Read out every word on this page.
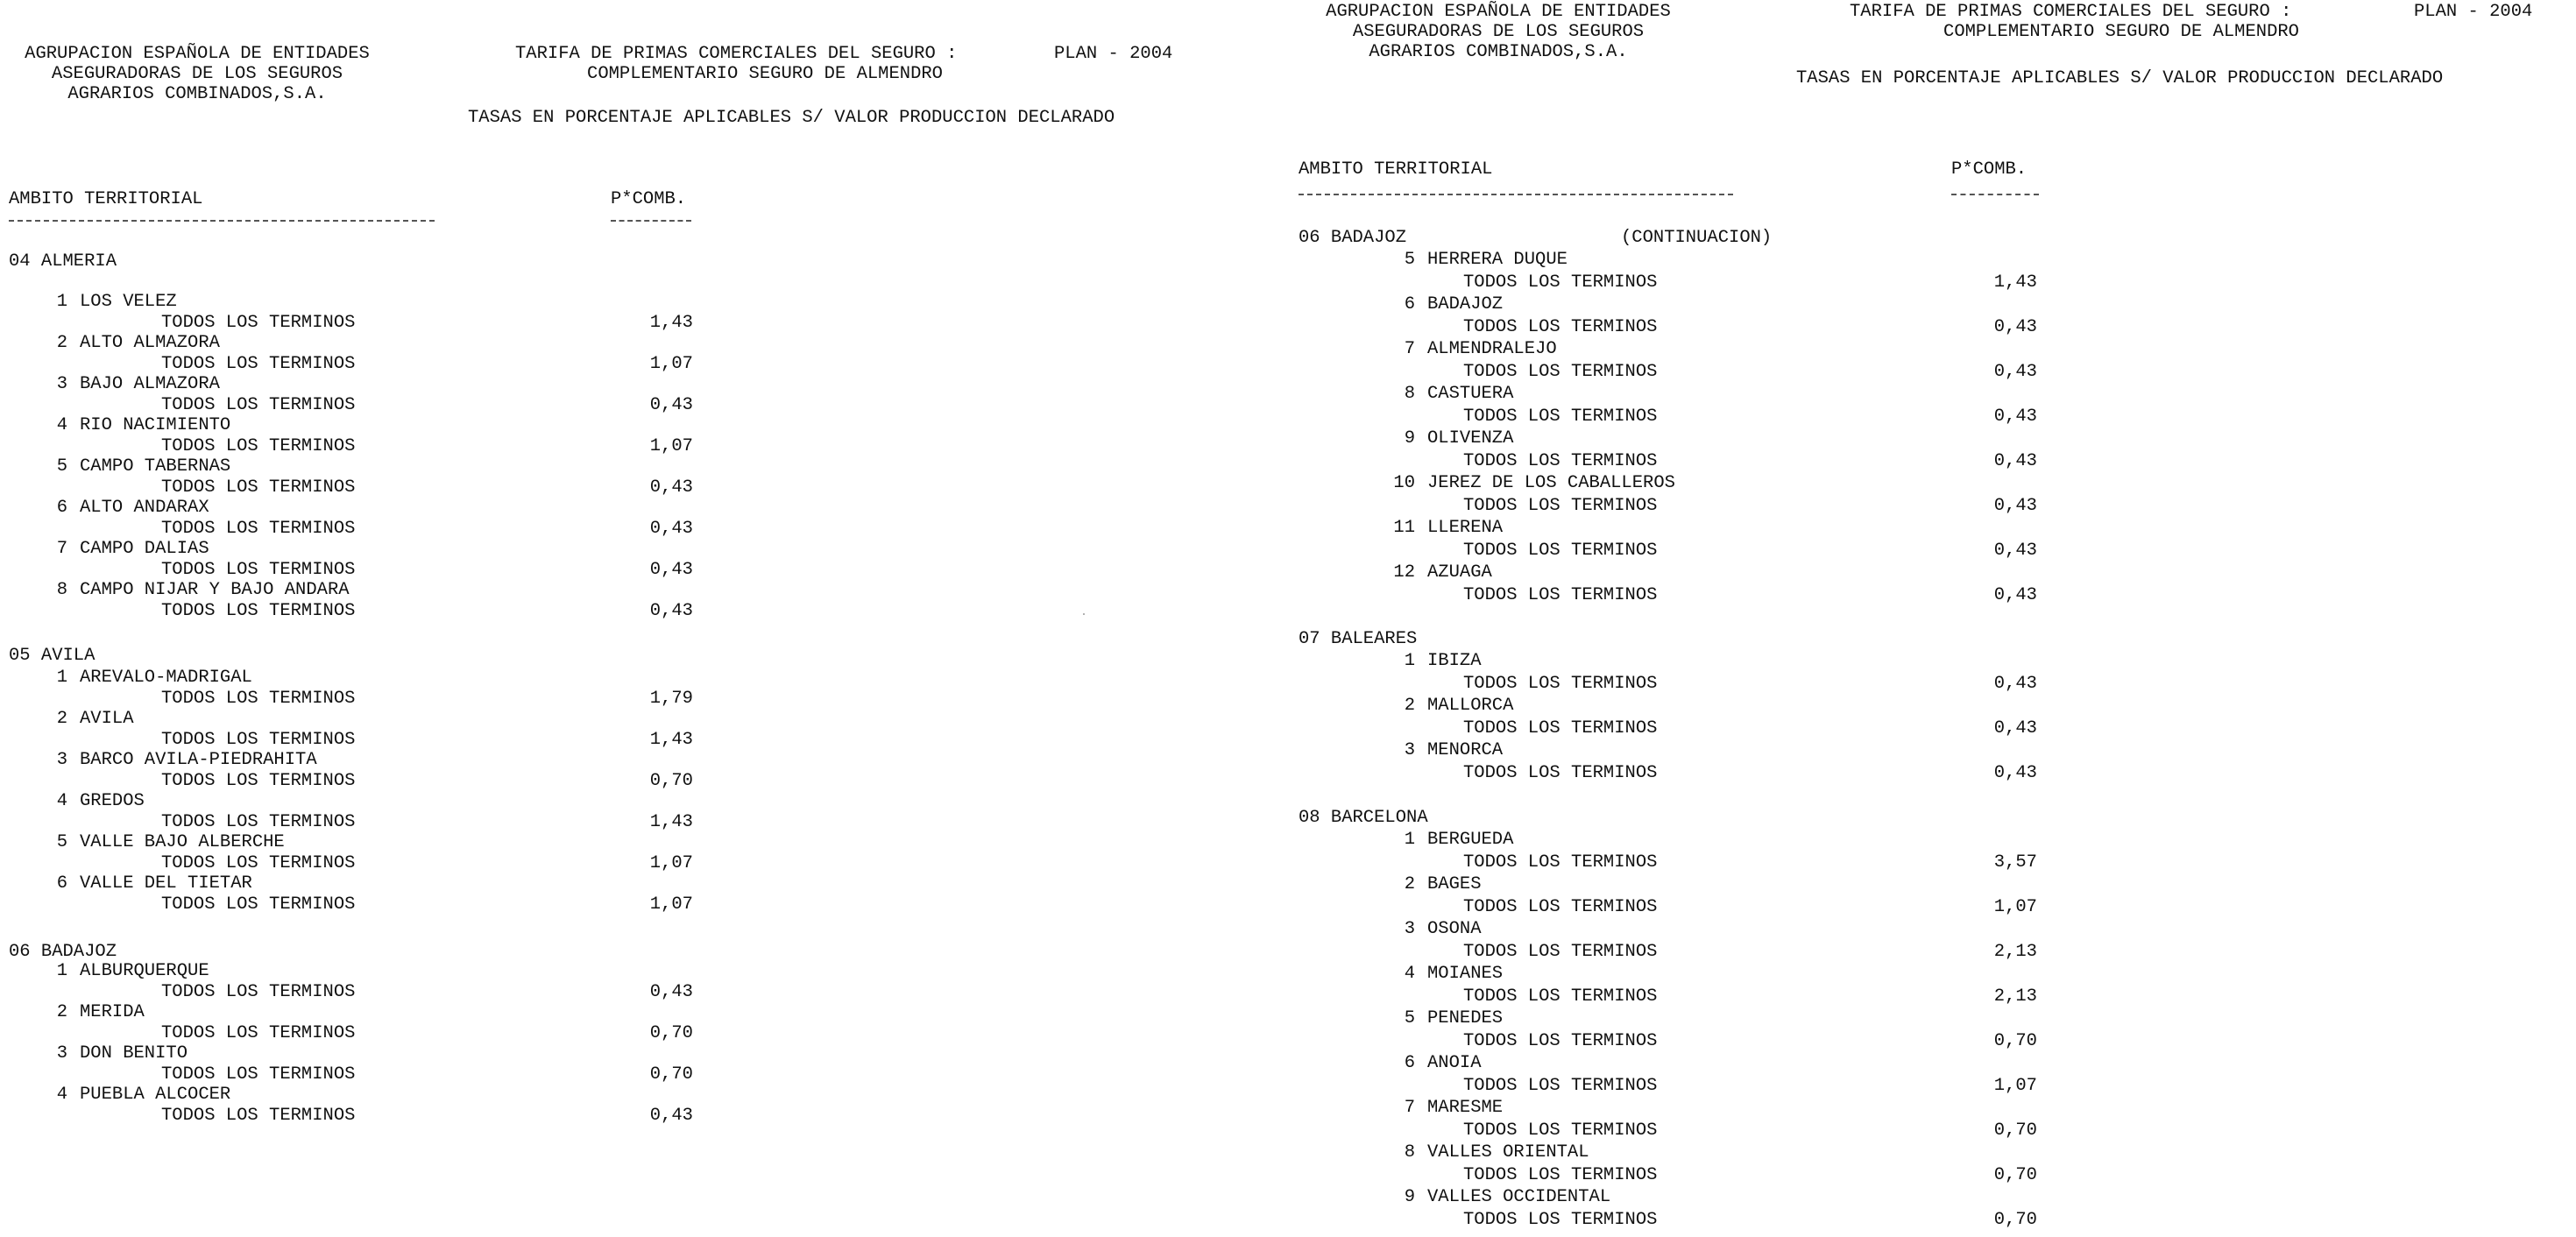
AGRUPACION ESPAÑOLA DE ENTIDADES
ASEGURADORAS DE LOS SEGUROS
AGRARIOS COMBINADOS,S.A.
TARIFA DE PRIMAS COMERCIALES DEL SEGURO :	PLAN - 2004
COMPLEMENTARIO SEGURO DE ALMENDRO
TASAS EN PORCENTAJE APLICABLES S/ VALOR PRODUCCION DECLARADO
AMBITO TERRITORIAL	P*COMB.
04 ALMERIA
1 LOS VELEZ
TODOS LOS TERMINOS	1,43
2 ALTO ALMAZORA
TODOS LOS TERMINOS	1,07
3 BAJO ALMAZORA
TODOS LOS TERMINOS	0,43
4 RIO NACIMIENTO
TODOS LOS TERMINOS	1,07
5 CAMPO TABERNAS
TODOS LOS TERMINOS	0,43
6 ALTO ANDARAX
TODOS LOS TERMINOS	0,43
7 CAMPO DALIAS
TODOS LOS TERMINOS	0,43
8 CAMPO NIJAR Y BAJO ANDARA
TODOS LOS TERMINOS	0,43
05 AVILA
1 AREVALO-MADRIGAL
TODOS LOS TERMINOS	1,79
2 AVILA
TODOS LOS TERMINOS	1,43
3 BARCO AVILA-PIEDRAHITA
TODOS LOS TERMINOS	0,70
4 GREDOS
TODOS LOS TERMINOS	1,43
5 VALLE BAJO ALBERCHE
TODOS LOS TERMINOS	1,07
6 VALLE DEL TIETAR
TODOS LOS TERMINOS	1,07
06 BADAJOZ
1 ALBURQUERQUE
TODOS LOS TERMINOS	0,43
2 MERIDA
TODOS LOS TERMINOS	0,70
3 DON BENITO
TODOS LOS TERMINOS	0,70
4 PUEBLA ALCOCER
TODOS LOS TERMINOS	0,43
AGRUPACION ESPAÑOLA DE ENTIDADES
ASEGURADORAS DE LOS SEGUROS
AGRARIOS COMBINADOS,S.A.
TARIFA DE PRIMAS COMERCIALES DEL SEGURO :	PLAN - 2004
COMPLEMENTARIO SEGURO DE ALMENDRO
TASAS EN PORCENTAJE APLICABLES S/ VALOR PRODUCCION DECLARADO
AMBITO TERRITORIAL	P*COMB.
06 BADAJOZ	(CONTINUACION)
5 HERRERA DUQUE
TODOS LOS TERMINOS	1,43
6 BADAJOZ
TODOS LOS TERMINOS	0,43
7 ALMENDRALEJO
TODOS LOS TERMINOS	0,43
8 CASTUERA
TODOS LOS TERMINOS	0,43
9 OLIVENZA
TODOS LOS TERMINOS	0,43
10 JEREZ DE LOS CABALLEROS
TODOS LOS TERMINOS	0,43
11 LLERENA
TODOS LOS TERMINOS	0,43
12 AZUAGA
TODOS LOS TERMINOS	0,43
07 BALEARES
1 IBIZA
TODOS LOS TERMINOS	0,43
2 MALLORCA
TODOS LOS TERMINOS	0,43
3 MENORCA
TODOS LOS TERMINOS	0,43
08 BARCELONA
1 BERGUEDA
TODOS LOS TERMINOS	3,57
2 BAGES
TODOS LOS TERMINOS	1,07
3 OSONA
TODOS LOS TERMINOS	2,13
4 MOIANES
TODOS LOS TERMINOS	2,13
5 PENEDES
TODOS LOS TERMINOS	0,70
6 ANOIA
TODOS LOS TERMINOS	1,07
7 MARESME
TODOS LOS TERMINOS	0,70
8 VALLES ORIENTAL
TODOS LOS TERMINOS	0,70
9 VALLES OCCIDENTAL
TODOS LOS TERMINOS	0,70
